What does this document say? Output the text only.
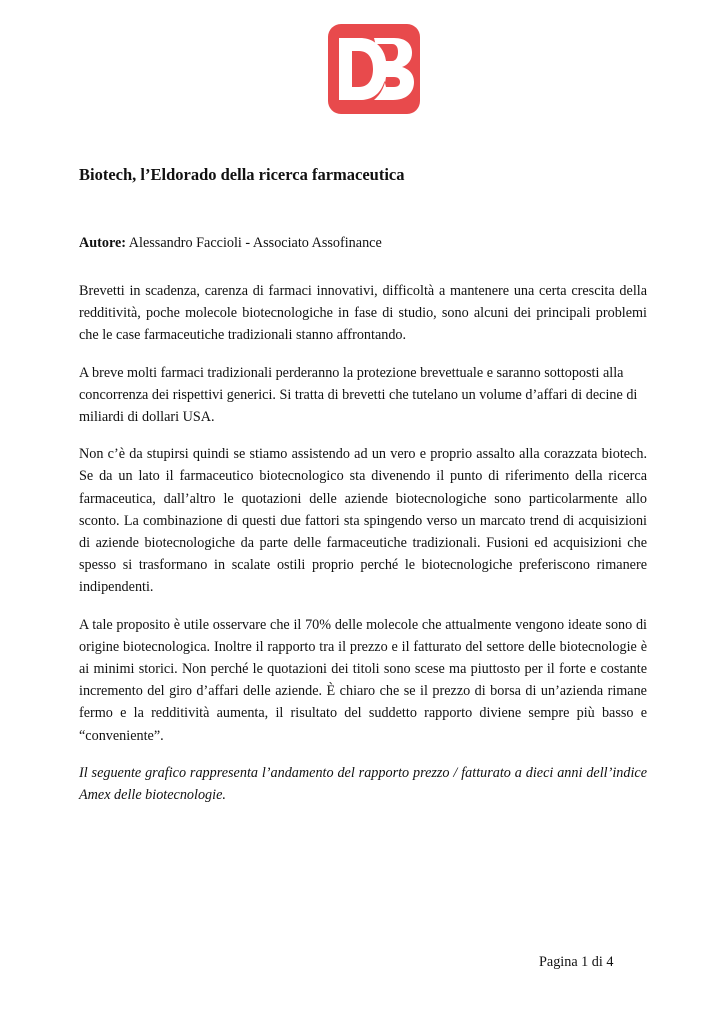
Biotech, l’Eldorado della ricerca farmaceutica
Autore: Alessandro Faccioli - Associato Assofinance

Brevetti in scadenza, carenza di farmaci innovativi, difficoltà a mantenere una certa crescita della redditività, poche molecole biotecnologiche in fase di studio, sono alcuni dei principali problemi che le case farmaceutiche tradizionali stanno affrontando.

A breve molti farmaci tradizionali perderanno la protezione brevettuale e saranno sottoposti alla concorrenza dei rispettivi generici. Si tratta di brevetti che tutelano un volume d’affari di decine di miliardi di dollari USA.

Non c’è da stupirsi quindi se stiamo assistendo ad un vero e proprio assalto alla corazzata biotech. Se da un lato il farmaceutico biotecnologico sta divenendo il punto di riferimento della ricerca farmaceutica, dall’altro le quotazioni delle aziende biotecnologiche sono particolarmente allo sconto. La combinazione di questi due fattori sta spingendo verso un marcato trend di acquisizioni di aziende biotecnologiche da parte delle farmaceutiche tradizionali. Fusioni ed acquisizioni che spesso si trasformano in scalate ostili proprio perché le biotecnologiche preferiscono rimanere indipendenti.

A tale proposito è utile osservare che il 70% delle molecole che attualmente vengono ideate sono di origine biotecnologica. Inoltre il rapporto tra il prezzo e il fatturato del settore delle biotecnologie è ai minimi storici. Non perché le quotazioni dei titoli sono scese ma piuttosto per il forte e costante incremento del giro d’affari delle aziende. È chiaro che se il prezzo di borsa di un’azienda rimane fermo e la redditività aumenta, il risultato del suddetto rapporto diviene sempre più basso e “conveniente”.

Il seguente grafico rappresenta l’andamento del rapporto prezzo / fatturato a dieci anni dell’indice Amex delle biotecnologie.

Pagina 1 di 4
